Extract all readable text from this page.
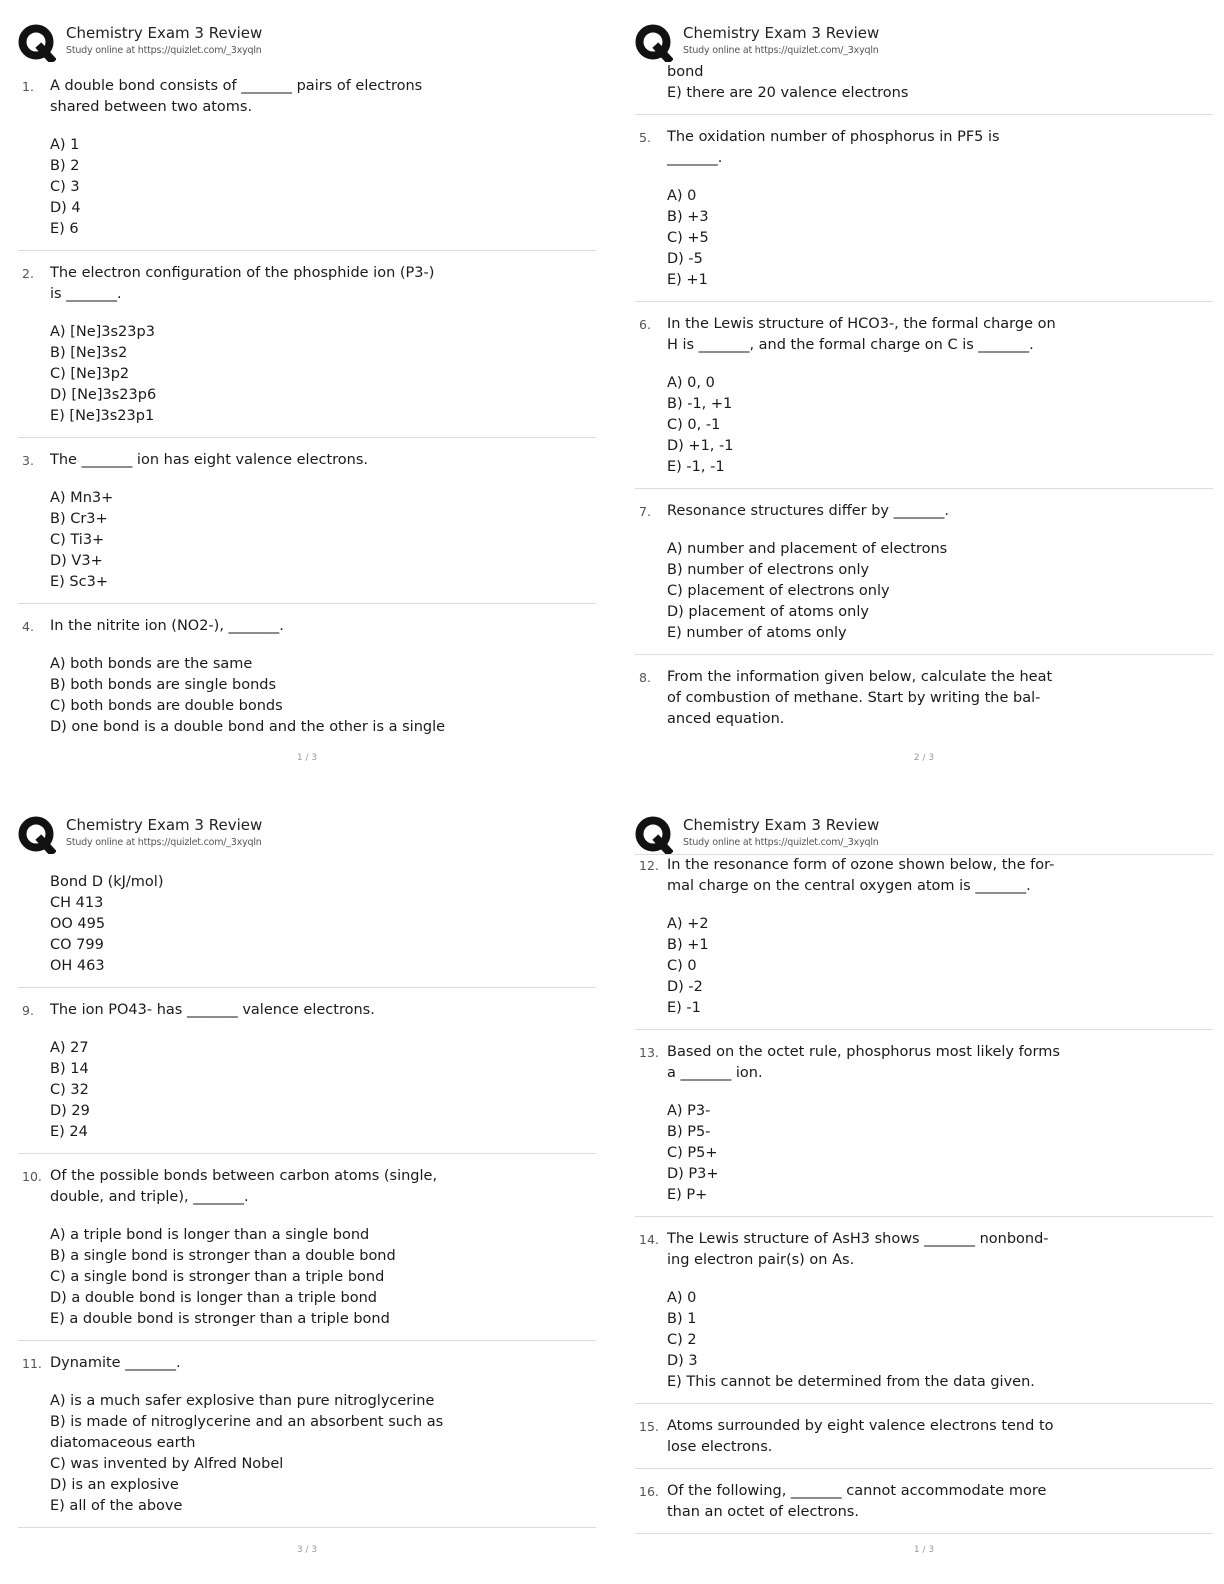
Chemistry Exam 3 Review
Study online at https://quizlet.com/_3xyqln
1. A double bond consists of _______ pairs of electrons shared between two atoms.
A) 1
B) 2
C) 3
D) 4
E) 6
2. The electron configuration of the phosphide ion (P3-) is _______.
A) [Ne]3s23p3
B) [Ne]3s2
C) [Ne]3p2
D) [Ne]3s23p6
E) [Ne]3s23p1
3. The _______ ion has eight valence electrons.
A) Mn3+
B) Cr3+
C) Ti3+
D) V3+
E) Sc3+
4. In the nitrite ion (NO2-), _______.
A) both bonds are the same
B) both bonds are single bonds
C) both bonds are double bonds
D) one bond is a double bond and the other is a single
1 / 3
Chemistry Exam 3 Review
Study online at https://quizlet.com/_3xyqln
bond
E) there are 20 valence electrons
5. The oxidation number of phosphorus in PF5 is _______.
A) 0
B) +3
C) +5
D) -5
E) +1
6. In the Lewis structure of HCO3-, the formal charge on H is _______, and the formal charge on C is _______.
A) 0, 0
B) -1, +1
C) 0, -1
D) +1, -1
E) -1, -1
7. Resonance structures differ by _______.
A) number and placement of electrons
B) number of electrons only
C) placement of electrons only
D) placement of atoms only
E) number of atoms only
8. From the information given below, calculate the heat of combustion of methane. Start by writing the bal- anced equation.
2 / 3
Chemistry Exam 3 Review
Study online at https://quizlet.com/_3xyqln
Bond D (kJ/mol)
CH 413
OO 495
CO 799
OH 463
9. The ion PO43- has _______ valence electrons.
A) 27
B) 14
C) 32
D) 29
E) 24
10. Of the possible bonds between carbon atoms (single, double, and triple), _______.
A) a triple bond is longer than a single bond
B) a single bond is stronger than a double bond
C) a single bond is stronger than a triple bond
D) a double bond is longer than a triple bond
E) a double bond is stronger than a triple bond
11. Dynamite _______.
A) is a much safer explosive than pure nitroglycerine
B) is made of nitroglycerine and an absorbent such as diatomaceous earth
C) was invented by Alfred Nobel
D) is an explosive
E) all of the above
3 / 3
Chemistry Exam 3 Review
Study online at https://quizlet.com/_3xyqln
12. In the resonance form of ozone shown below, the for- mal charge on the central oxygen atom is _______.
A) +2
B) +1
C) 0
D) -2
E) -1
13. Based on the octet rule, phosphorus most likely forms a _______ ion.
A) P3-
B) P5-
C) P5+
D) P3+
E) P+
14. The Lewis structure of AsH3 shows _______ nonbond- ing electron pair(s) on As.
A) 0
B) 1
C) 2
D) 3
E) This cannot be determined from the data given.
15. Atoms surrounded by eight valence electrons tend to lose electrons.
16. Of the following, _______ cannot accommodate more than an octet of electrons.
1 / 3
